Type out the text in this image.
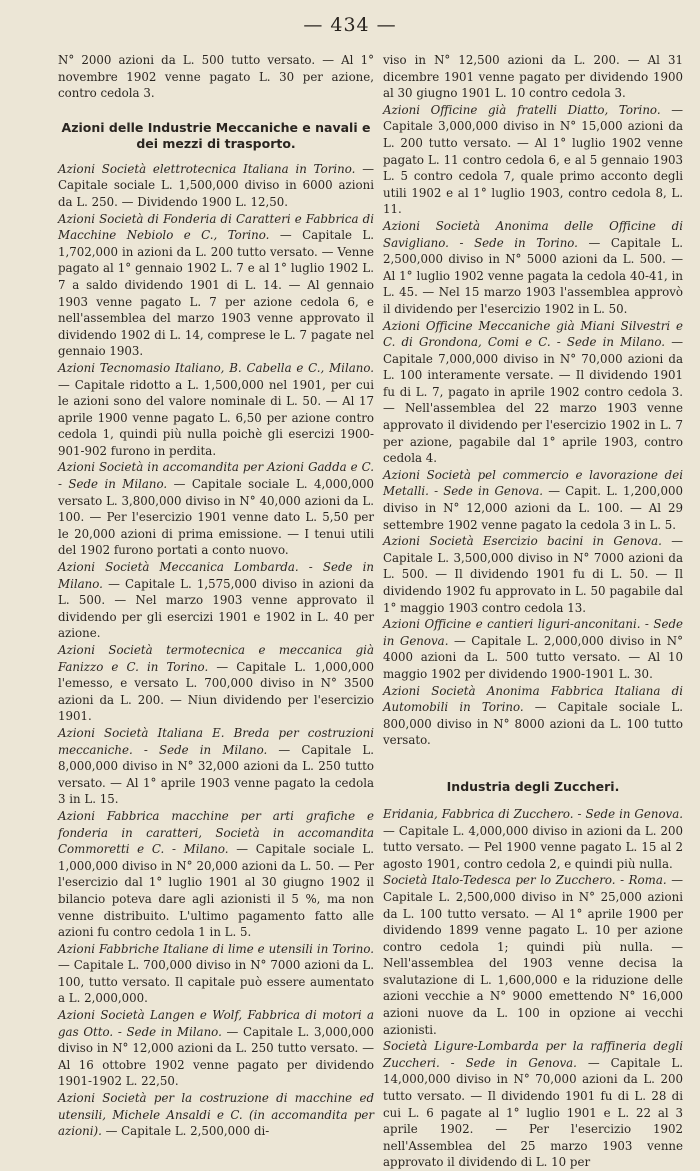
— 434 —

N° 2000 azioni da L. 500 tutto versato. — Al 1° novembre 1902 venne pagato L. 30 per azione, contro cedola 3.

Azioni delle Industrie Meccaniche e navali e dei mezzi di trasporto.

Azioni Società elettrotecnica Italiana in Torino. — Capitale sociale L. 1,500,000 diviso in 6000 azioni da L. 250. — Dividendo 1900 L. 12,50.

Azioni Società di Fonderia di Caratteri e Fabbrica di Macchine Nebiolo e C., Torino. — Capitale L. 1,702,000 in azioni da L. 200 tutto versato. — Venne pagato al 1° gennaio 1902 L. 7 e al 1° luglio 1902 L. 7 a saldo dividendo 1901 di L. 14. — Al gennaio 1903 venne pagato L. 7 per azione cedola 6, e nell'assemblea del marzo 1903 venne approvato il dividendo 1902 di L. 14, comprese le L. 7 pagate nel gennaio 1903.

Azioni Tecnomasio Italiano, B. Cabella e C., Milano. — Capitale ridotto a L. 1,500,000 nel 1901, per cui le azioni sono del valore nominale di L. 50. — Al 17 aprile 1900 venne pagato L. 6,50 per azione contro cedola 1, quindi più nulla poichè gli esercizi 1900-901-902 furono in perdita.

Azioni Società in accomandita per Azioni Gadda e C. - Sede in Milano. — Capitale sociale L. 4,000,000 versato L. 3,800,000 diviso in N° 40,000 azioni da L. 100. — Per l'esercizio 1901 venne dato L. 5,50 per le 20,000 azioni di prima emissione. — I tenui utili del 1902 furono portati a conto nuovo.

Azioni Società Meccanica Lombarda. - Sede in Milano. — Capitale L. 1,575,000 diviso in azioni da L. 500. — Nel marzo 1903 venne approvato il dividendo per gli esercizi 1901 e 1902 in L. 40 per azione.

Azioni Società termotecnica e meccanica già Fanizzo e C. in Torino. — Capitale L. 1,000,000 l'emesso, e versato L. 700,000 diviso in N° 3500 azioni da L. 200. — Niun dividendo per l'esercizio 1901.

Azioni Società Italiana E. Breda per costruzioni meccaniche. - Sede in Milano. — Capitale L. 8,000,000 diviso in N° 32,000 azioni da L. 250 tutto versato. — Al 1° aprile 1903 venne pagato la cedola 3 in L. 15.

Azioni Fabbrica macchine per arti grafiche e fonderia in caratteri, Società in accomandita Commoretti e C. - Milano. — Capitale sociale L. 1,000,000 diviso in N° 20,000 azioni da L. 50. — Per l'esercizio dal 1° luglio 1901 al 30 giugno 1902 il bilancio poteva dare agli azionisti il 5 %, ma non venne distribuito. L'ultimo pagamento fatto alle azioni fu contro cedola 1 in L. 5.

Azioni Fabbriche Italiane di lime e utensili in Torino. — Capitale L. 700,000 diviso in N° 7000 azioni da L. 100, tutto versato. Il capitale può essere aumentato a L. 2,000,000.

Azioni Società Langen e Wolf, Fabbrica di motori a gas Otto. - Sede in Milano. — Capitale L. 3,000,000 diviso in N° 12,000 azioni da L. 250 tutto versato. — Al 16 ottobre 1902 venne pagato per dividendo 1901-1902 L. 22,50.

Azioni Società per la costruzione di macchine ed utensili, Michele Ansaldi e C. (in accomandita per azioni). — Capitale L. 2,500,000 di-

viso in N° 12,500 azioni da L. 200. — Al 31 dicembre 1901 venne pagato per dividendo 1900 al 30 giugno 1901 L. 10 contro cedola 3.

Azioni Officine già fratelli Diatto, Torino. — Capitale 3,000,000 diviso in N° 15,000 azioni da L. 200 tutto versato. — Al 1° luglio 1902 venne pagato L. 11 contro cedola 6, e al 5 gennaio 1903 L. 5 contro cedola 7, quale primo acconto degli utili 1902 e al 1° luglio 1903, contro cedola 8, L. 11.

Azioni Società Anonima delle Officine di Savigliano. - Sede in Torino. — Capitale L. 2,500,000 diviso in N° 5000 azioni da L. 500. — Al 1° luglio 1902 venne pagata la cedola 40-41, in L. 45. — Nel 15 marzo 1903 l'assemblea approvò il dividendo per l'esercizio 1902 in L. 50.

Azioni Officine Meccaniche già Miani Silvestri e C. di Grondona, Comi e C. - Sede in Milano. — Capitale 7,000,000 diviso in N° 70,000 azioni da L. 100 interamente versate. — Il dividendo 1901 fu di L. 7, pagato in aprile 1902 contro cedola 3. — Nell'assemblea del 22 marzo 1903 venne approvato il dividendo per l'esercizio 1902 in L. 7 per azione, pagabile dal 1° aprile 1903, contro cedola 4.

Azioni Società pel commercio e lavorazione dei Metalli. - Sede in Genova. — Capit. L. 1,200,000 diviso in N° 12,000 azioni da L. 100. — Al 29 settembre 1902 venne pagato la cedola 3 in L. 5.

Azioni Società Esercizio bacini in Genova. — Capitale L. 3,500,000 diviso in N° 7000 azioni da L. 500. — Il dividendo 1901 fu di L. 50. — Il dividendo 1902 fu approvato in L. 50 pagabile dal 1° maggio 1903 contro cedola 13.

Azioni Officine e cantieri liguri-anconitani. - Sede in Genova. — Capitale L. 2,000,000 diviso in N° 4000 azioni da L. 500 tutto versato. — Al 10 maggio 1902 per dividendo 1900-1901 L. 30.

Azioni Società Anonima Fabbrica Italiana di Automobili in Torino. — Capitale sociale L. 800,000 diviso in N° 8000 azioni da L. 100 tutto versato.

Industria degli Zuccheri.

Eridania, Fabbrica di Zucchero. - Sede in Genova. — Capitale L. 4,000,000 diviso in azioni da L. 200 tutto versato. — Pel 1900 venne pagato L. 15 al 2 agosto 1901, contro cedola 2, e quindi più nulla.

Società Italo-Tedesca per lo Zucchero. - Roma. — Capitale L. 2,500,000 diviso in N° 25,000 azioni da L. 100 tutto versato. — Al 1° aprile 1900 per dividendo 1899 venne pagato L. 10 per azione contro cedola 1; quindi più nulla. — Nell'assemblea del 1903 venne decisa la svalutazione di L. 1,600,000 e la riduzione delle azioni vecchie a N° 9000 emettendo N° 16,000 azioni nuove da L. 100 in opzione ai vecchi azionisti.

Società Ligure-Lombarda per la raffineria degli Zuccheri. - Sede in Genova. — Capitale L. 14,000,000 diviso in N° 70,000 azioni da L. 200 tutto versato. — Il dividendo 1901 fu di L. 28 di cui L. 6 pagate al 1° luglio 1901 e L. 22 al 3 aprile 1902. — Per l'esercizio 1902 nell'Assemblea del 25 marzo 1903 venne approvato il dividendo di L. 10 per
